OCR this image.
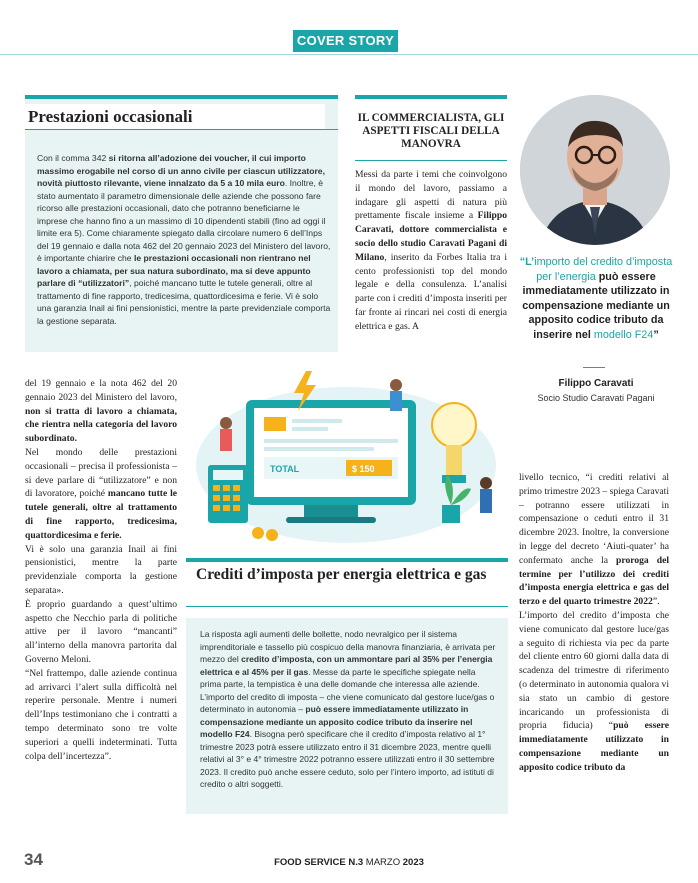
COVER STORY
Prestazioni occasionali
Con il comma 342 si ritorna all’adozione dei voucher, il cui importo massimo erogabile nel corso di un anno civile per ciascun utilizzatore, novità piuttosto rilevante, viene innalzato da 5 a 10 mila euro. Inoltre, è stato aumentato il parametro dimensionale delle aziende che possono fare ricorso alle prestazioni occasionali, dato che potranno beneficiarne le imprese che hanno fino a un massimo di 10 dipendenti stabili (fino ad oggi il limite era 5). Come chiaramente spiegato dalla circolare numero 6 dell’Inps del 19 gennaio e dalla nota 462 del 20 gennaio 2023 del Ministero del lavoro, è importante chiarire che le prestazioni occasionali non rientrano nel lavoro a chiamata, per sua natura subordinato, ma si deve appunto parlare di “utilizzatori”, poiché mancano tutte le tutele generali, oltre al trattamento di fine rapporto, tredicesima, quattordicesima e ferie. Vi è solo una garanzia Inail ai fini pensionistici, mentre la parte previdenziale comporta la gestione separata.
IL COMMERCIALISTA, GLI ASPETTI FISCALI DELLA MANOVRA
Messi da parte i temi che coinvolgono il mondo del lavoro, passiamo a indagare gli aspetti di natura più prettamente fiscale insieme a Filippo Caravati, dottore commercialista e socio dello studio Caravati Pagani di Milano, inserito da Forbes Italia tra i cento professionisti top del mondo legale e della consulenza. L’analisi parte con i crediti d’imposta inseriti per far fronte ai rincari nei costi di energia elettrica e gas. A
“L’importo del credito d’imposta per l’energia può essere immediatamente utilizzato in compensazione mediante un apposito codice tributo da inserire nel modello F24”
Filippo Caravati
Socio Studio Caravati Pagani
del 19 gennaio e la nota 462 del 20 gennaio 2023 del Ministero del lavoro, non si tratta di lavoro a chiamata, che rientra nella categoria del lavoro subordinato.
Nel mondo delle prestazioni occasionali – precisa il professionista – si deve parlare di “utilizzatore” e non di lavoratore, poiché mancano tutte le tutele generali, oltre al trattamento di fine rapporto, tredicesima, quattordicesima e ferie.
Vi è solo una garanzia Inail ai fini pensionistici, mentre la parte previdenziale comporta la gestione separata».
È proprio guardando a quest’ultimo aspetto che Necchio parla di politiche attive per il lavoro “mancanti” all’interno della manovra partorita dal Governo Meloni.
“Nel frattempo, dalle aziende continua ad arrivarci l’alert sulla difficoltà nel reperire personale. Mentre i numeri dell’Inps testimoniano che i contratti a tempo determinato sono tre volte superiori a quelli indeterminati. Tutta colpa dell’incertezza”.
TOTAL	$ 150
Crediti d’imposta per energia elettrica e gas
La risposta agli aumenti delle bollette, nodo nevralgico per il sistema imprenditoriale e tassello più cospicuo della manovra finanziaria, è arrivata per mezzo del credito d’imposta, con un ammontare pari al 35% per l’energia elettrica e al 45% per il gas. Messe da parte le specifiche spiegate nella prima parte, la tempistica è una delle domande che interessa alle aziende. L’importo del credito di imposta – che viene comunicato dal gestore luce/gas o determinato in autonomia – può essere immediatamente utilizzato in compensazione mediante un apposito codice tributo da inserire nel modello F24. Bisogna però specificare che il credito d’imposta relativo al 1° trimestre 2023 potrà essere utilizzato entro il 31 dicembre 2023, mentre quelli relativi al 3° e 4° trimestre 2022 potranno essere utilizzati entro il 30 settembre 2023. Il credito può anche essere ceduto, solo per l’intero importo, ad istituti di credito o altri soggetti.
livello tecnico, “i crediti relativi al primo trimestre 2023 – spiega Caravati – potranno essere utilizzati in compensazione o ceduti entro il 31 dicembre 2023. Inoltre, la conversione in legge del decreto ‘Aiuti-quater’ ha confermato anche la proroga del termine per l’utilizzo dei crediti d’imposta energia elettrica e gas del terzo e del quarto trimestre 2022”.
L’importo del credito d’imposta che viene comunicato dal gestore luce/gas a seguito di richiesta via pec da parte del cliente entro 60 giorni dalla data di scadenza del trimestre di riferimento (o determinato in autonomia qualora vi sia stato un cambio di gestore incaricando un professionista di propria fiducia) “può essere immediatamente utilizzato in compensazione mediante un apposito codice tributo da
34	FOOD SERVICE N.3 MARZO 2023
